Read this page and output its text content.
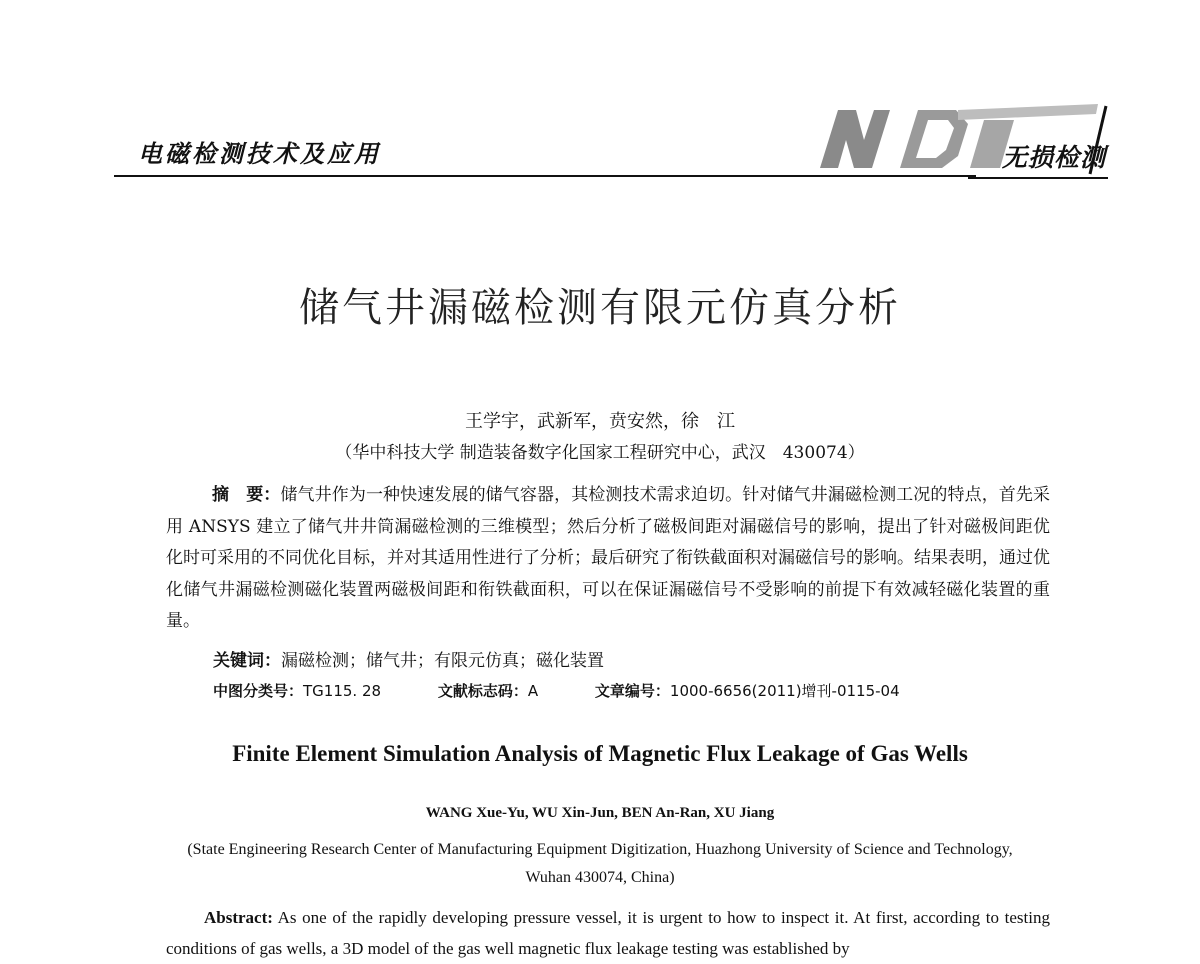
电磁检测技术及应用	无损检测
储气井漏磁检测有限元仿真分析
王学宇，武新军，贲安然，徐　江
（华中科技大学 制造装备数字化国家工程研究中心，武汉　430074）
摘　要：储气井作为一种快速发展的储气容器，其检测技术需求迫切。针对储气井漏磁检测工况的特点，首先采用 ANSYS 建立了储气井井筒漏磁检测的三维模型；然后分析了磁极间距对漏磁信号的影响，提出了针对磁极间距优化时可采用的不同优化目标，并对其适用性进行了分析；最后研究了衔铁截面积对漏磁信号的影响。结果表明，通过优化储气井漏磁检测磁化装置两磁极间距和衔铁截面积，可以在保证漏磁信号不受影响的前提下有效减轻磁化装置的重量。
关键词：漏磁检测；储气井；有限元仿真；磁化装置
中图分类号：TG115. 28	文献标志码：A	文章编号：1000-6656(2011)增刊-0115-04
Finite Element Simulation Analysis of Magnetic Flux Leakage of Gas Wells
WANG Xue-Yu, WU Xin-Jun, BEN An-Ran, XU Jiang
(State Engineering Research Center of Manufacturing Equipment Digitization, Huazhong University of Science and Technology, Wuhan 430074, China)
Abstract: As one of the rapidly developing pressure vessel, it is urgent to how to inspect it. At first, according to testing conditions of gas wells, a 3D model of the gas well magnetic flux leakage testing was established by
